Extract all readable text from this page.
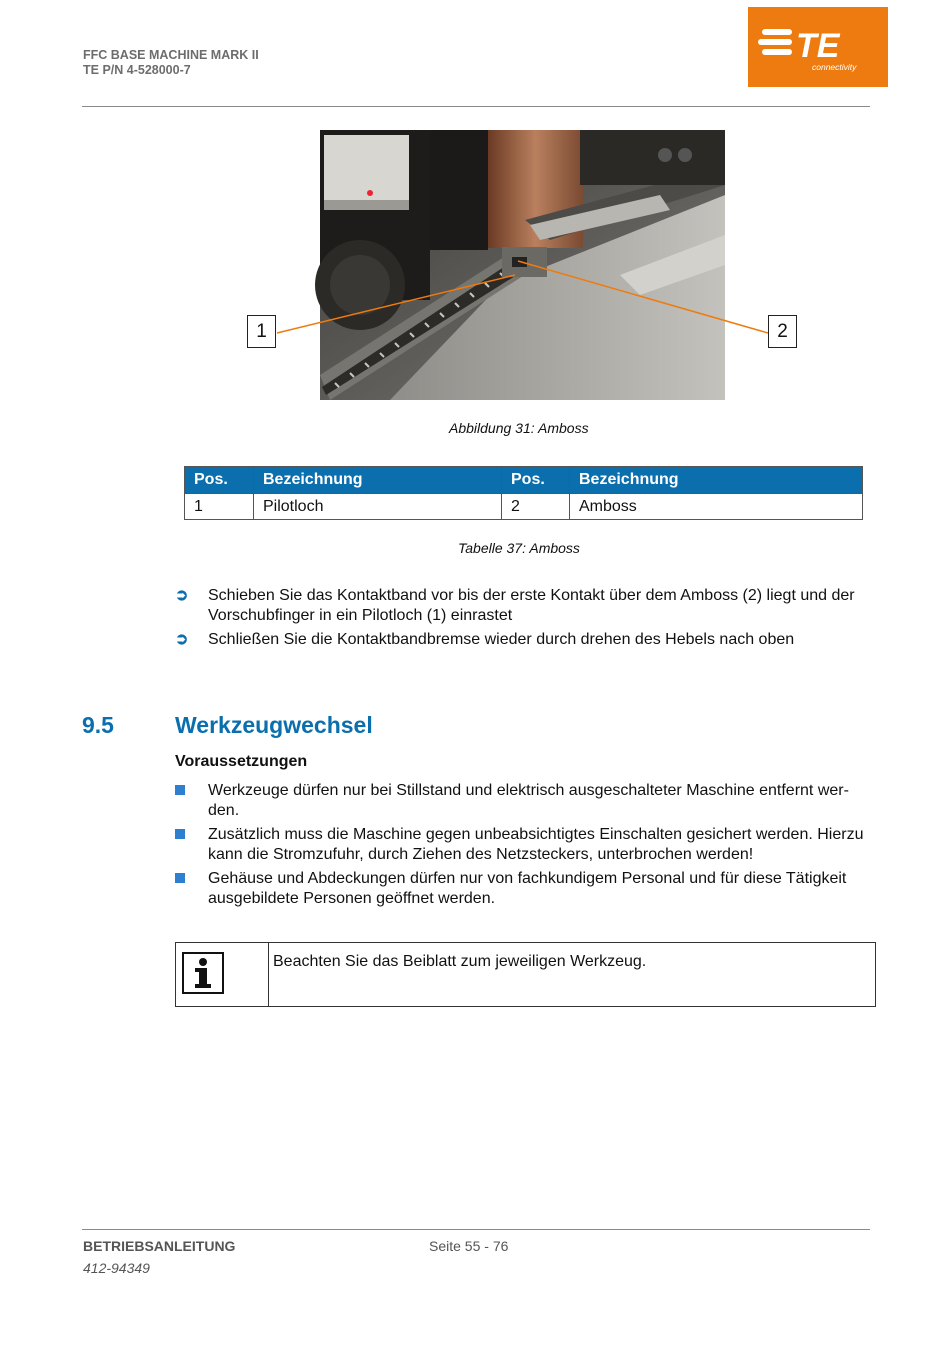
FFC BASE MACHINE MARK II
TE P/N 4-528000-7
TE
connectivity
1	2
Abbildung 31: Amboss
Pos.	Bezeichnung	Pos.	Bezeichnung
1	Pilotloch	2	Amboss
Tabelle 37: Amboss
➲	Schieben Sie das Kontaktband vor bis der erste Kontakt über dem Amboss (2) liegt und der Vorschubfinger in ein Pilotloch (1) einrastet
➲	Schließen Sie die Kontaktbandbremse wieder durch drehen des Hebels nach oben
9.5	Werkzeugwechsel
Voraussetzungen
Werkzeuge dürfen nur bei Stillstand und elektrisch ausgeschalteter Maschine entfernt wer-den.
Zusätzlich muss die Maschine gegen unbeabsichtigtes Einschalten gesichert werden. Hierzu kann die Stromzufuhr, durch Ziehen des Netzsteckers, unterbrochen werden!
Gehäuse und Abdeckungen dürfen nur von fachkundigem Personal und für diese Tätigkeit ausgebildete Personen geöffnet werden.
Beachten Sie das Beiblatt zum jeweiligen Werkzeug.
BETRIEBSANLEITUNG
412-94349
Seite 55 - 76
